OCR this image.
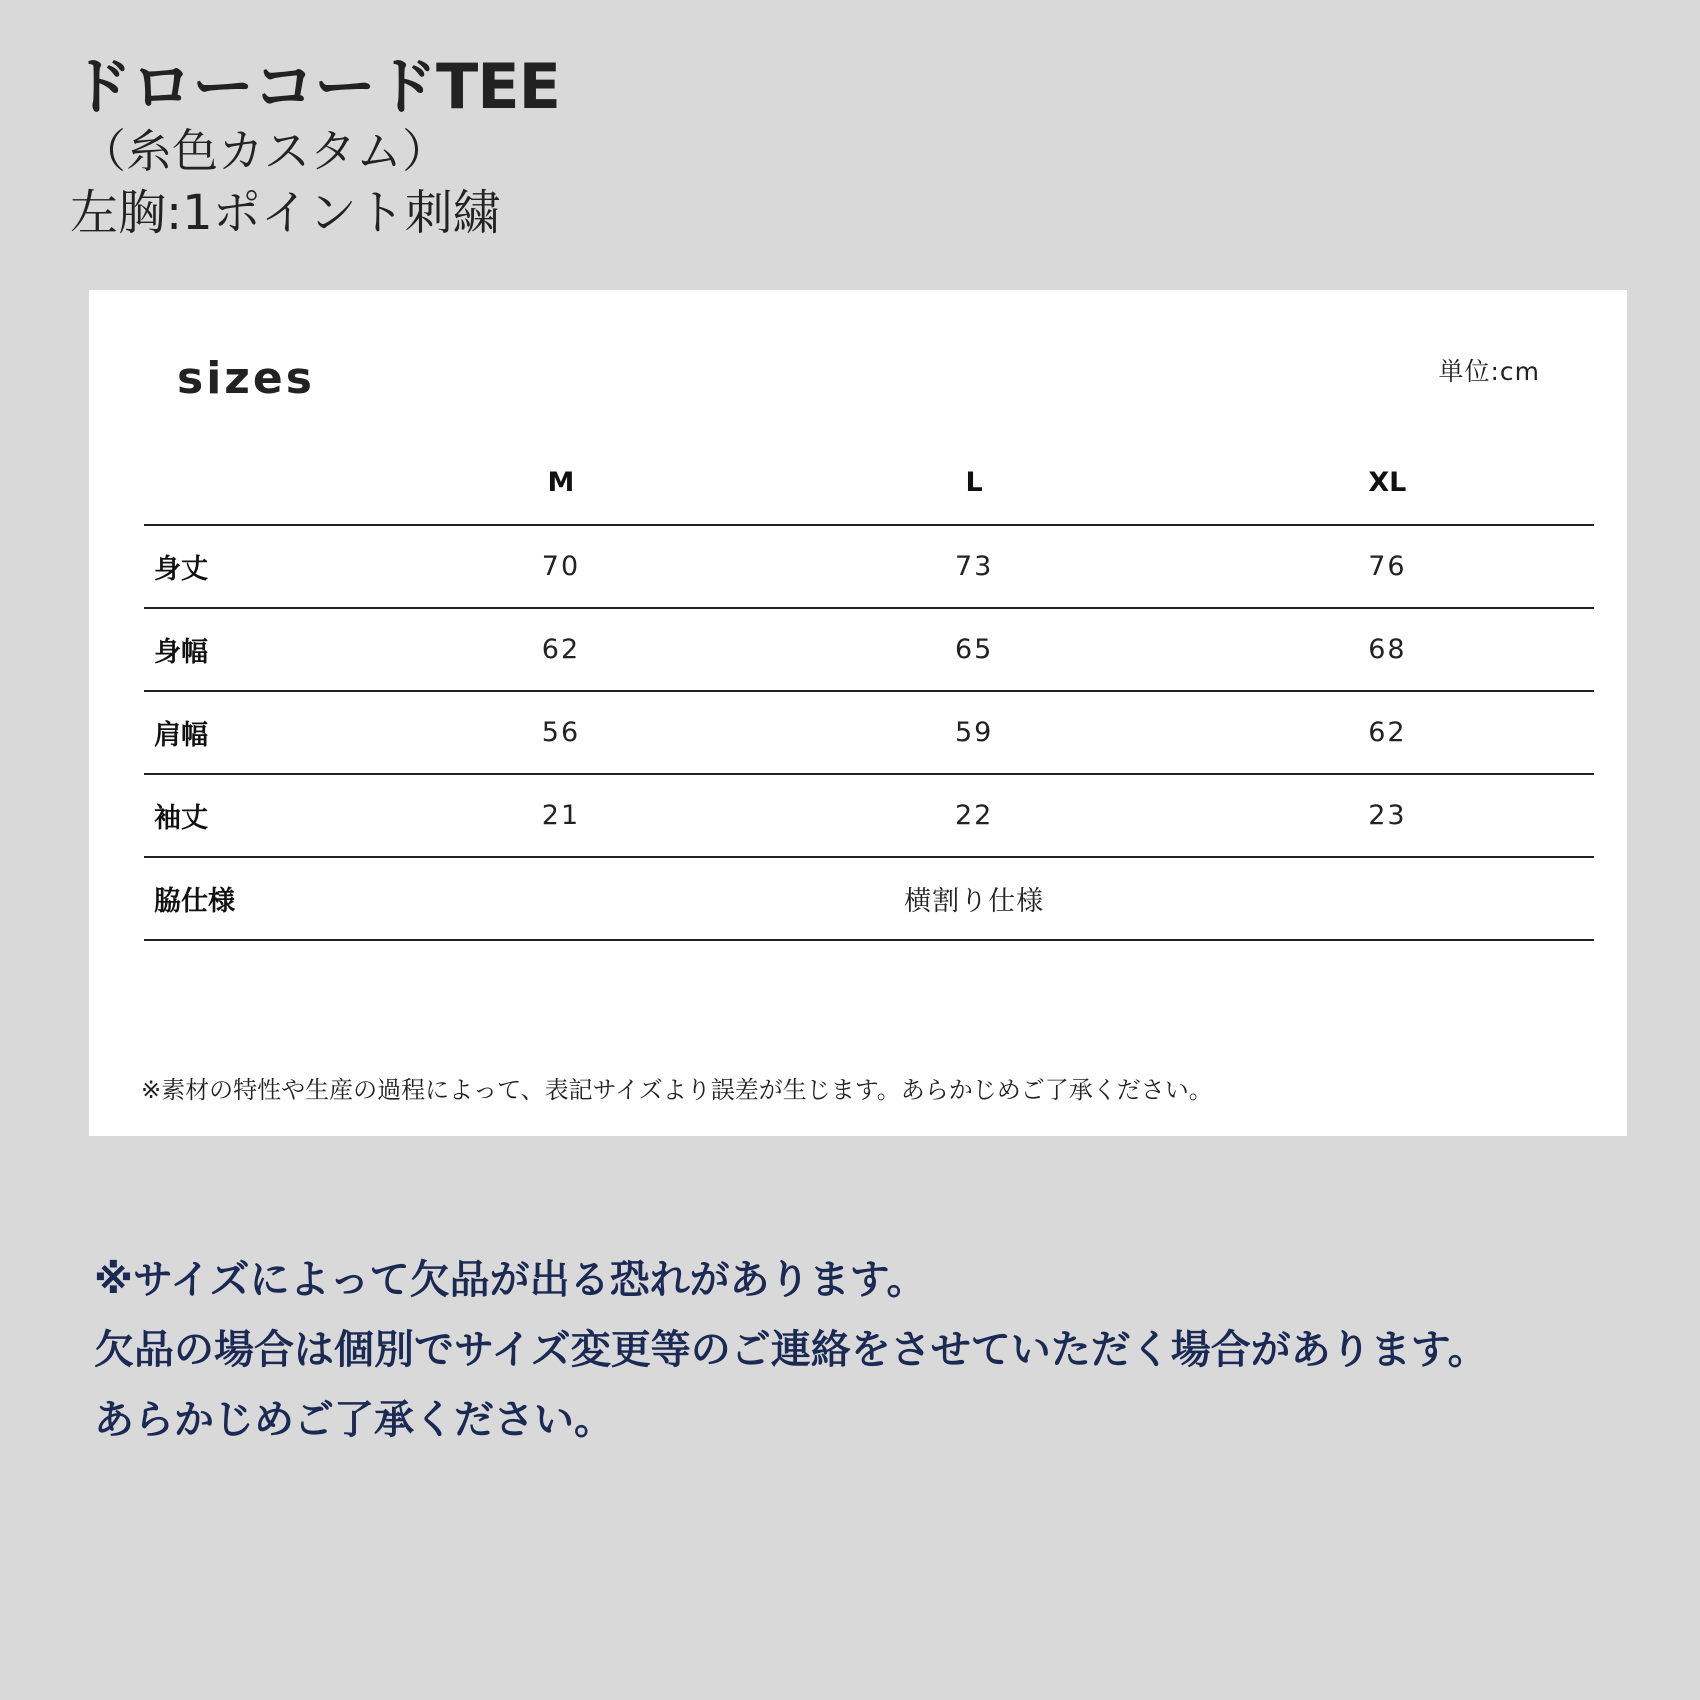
ドローコードTEE
（糸色カスタム）
左胸:1ポイント刺繍
sizes	単位:cm
	M	L	XL
身丈	70	73	76
身幅	62	65	68
肩幅	56	59	62
袖丈	21	22	23
脇仕様	横割り仕様		
※素材の特性や生産の過程によって、表記サイズより誤差が生じます。あらかじめご了承ください。
※サイズによって欠品が出る恐れがあります。
欠品の場合は個別でサイズ変更等のご連絡をさせていただく場合があります。
あらかじめご了承ください。
